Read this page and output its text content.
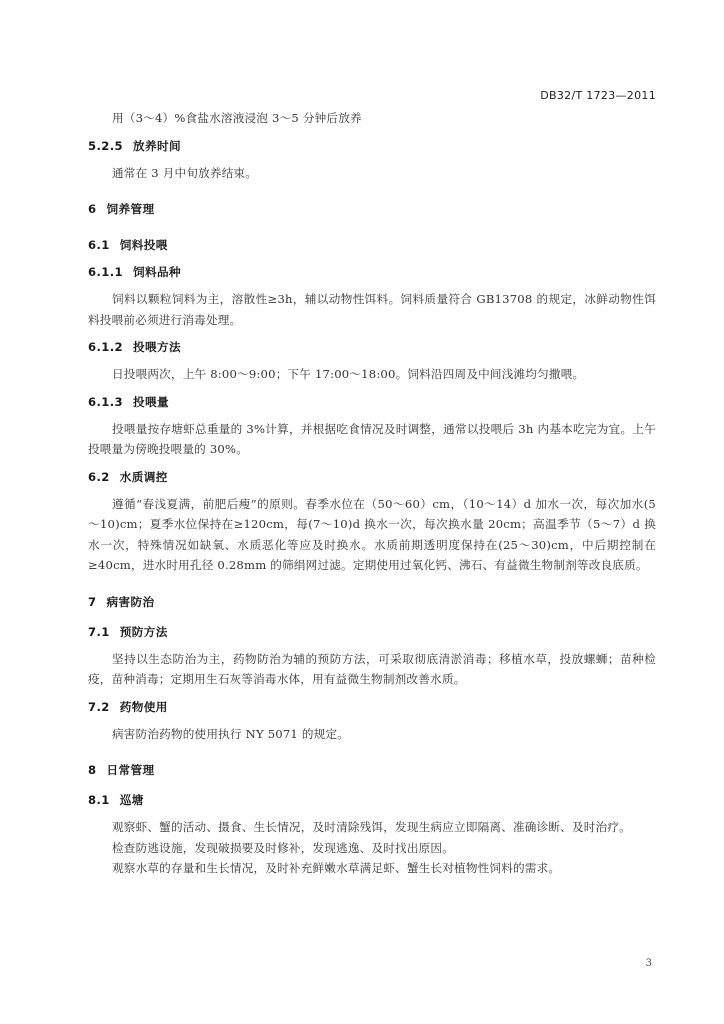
DB32/T 1723—2011

用（3～4）%食盐水溶液浸泡 3～5 分钟后放养

5.2.5 放养时间

通常在 3 月中旬放养结束。

6 饲养管理
6.1 饲料投喂
6.1.1 饲料品种

饲料以颗粒饲料为主，溶散性≥3h，辅以动物性饵料。饲料质量符合 GB13708 的规定，冰鲜动物性饵料投喂前必须进行消毒处理。

6.1.2 投喂方法

日投喂两次，上午 8:00～9:00；下午 17:00～18:00。饲料沿四周及中间浅滩均匀撒喂。

6.1.3 投喂量

投喂量按存塘虾总重量的 3%计算，并根据吃食情况及时调整，通常以投喂后 3h 内基本吃完为宜。上午投喂量为傍晚投喂量的 30%。

6.2 水质调控

遵循“春浅夏满，前肥后瘦”的原则。春季水位在（50～60）cm，（10～14）d 加水一次，每次加水(5～10)cm；夏季水位保持在≥120cm，每(7～10)d 换水一次，每次换水量 20cm；高温季节（5～7）d 换水一次，特殊情况如缺氧、水质恶化等应及时换水。水质前期透明度保持在(25～30)cm，中后期控制在≥40cm，进水时用孔径 0.28mm 的筛绢网过滤。定期使用过氧化钙、沸石、有益微生物制剂等改良底质。

7 病害防治
7.1 预防方法

坚持以生态防治为主，药物防治为辅的预防方法，可采取彻底清淤消毒；移植水草，投放螺蛳；苗种检疫，苗种消毒；定期用生石灰等消毒水体，用有益微生物制剂改善水质。

7.2 药物使用

病害防治药物的使用执行 NY 5071 的规定。

8 日常管理
8.1 巡塘

观察虾、蟹的活动、摄食、生长情况，及时清除残饵，发现生病应立即隔离、准确诊断、及时治疗。

检查防逃设施，发现破损要及时修补，发现逃逸、及时找出原因。

观察水草的存量和生长情况，及时补充鲜嫩水草满足虾、蟹生长对植物性饲料的需求。

3
